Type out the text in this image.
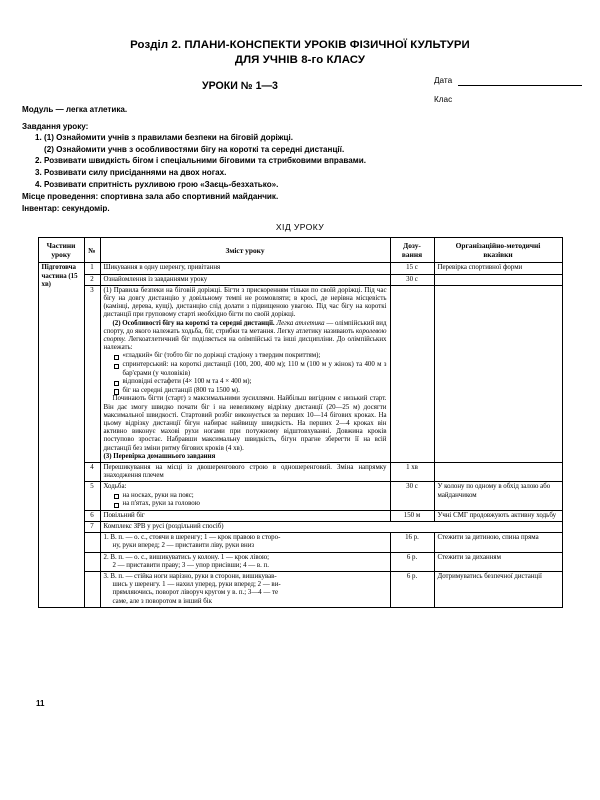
Розділ 2. ПЛАНИ-КОНСПЕКТИ УРОКІВ ФІЗИЧНОЇ КУЛЬТУРИ
ДЛЯ УЧНІВ 8-го КЛАСУ
УРОКИ № 1—3	Дата
Клас

Модуль — легка атлетика.

Завдання уроку:

1. (1) Ознайомити учнів з правилами безпеки на біговій доріжці.
(2) Ознайомити учнв з особливостями бігу на короткі та середні дистанції.
2. Розвивати швидкість бігом і спеціальними біговими та стрибковими вправами.
3. Розвивати силу присіданнями на двох ногах.
4. Розвивати спритність рухливою грою «Заєць-безхатько».

Місце проведення: спортивна зала або спортивний майданчик.

Інвентар: секундомір.

ХІД УРОКУ
Частини уроку	№	Зміст уроку	Дозу-
вання	Організаційно-методичні
вказівки
Підготовча частина (15 хв)	1	Шикування в одну шеренгу, привітання	15 с	Перевірка спортивної форми
	2	Ознайомлення із завданнями уроку	30 с	
3	(1) Правила безпеки на біговій доріжці. Бігти з прискоренням тільки по своїй доріжці. Під час бігу на довгу дистанцію у довільному темпі не розмовляти; в кросі, де нерівна місцевість (камінці, дерева, кущі), дистанцію слід долати з підвищеною увагою. Під час бігу на короткі дистанції при груповому старті необхідно бігти по своїй доріжці.

(2) Особливості бігу на короткі та середні дистанції. Легка атлетика — олімпійський вид спорту, до якого належать ходьба, біг, стрибки та метання. Легку атлетику називають королевою спорту. Легкоатлетичний біг поділяється на олімпійські та інші дисципліни. До олімпійських належать:

«гладкий» біг (тобто біг по доріжці стадіону з твердим покриттям);
спринтерський: на короткі дистанції (100, 200, 400 м); 110 м (100 м у жінок) та 400 м з бар'єрами (у чоловіків)
відповідні естафети (4× 100 м та 4 × 400 м);
біг на середні дистанції (800 та 1500 м).

Починають бігти (старт) з максимальними зусиллями. Найбільш вигідним є низький старт. Він дає змогу швидко почати біг і на невеликому відрізку дистанції (20—25 м) досягти максимальної швидкості. Стартовий розбіг виконується за перших 10—14 бігових кроках. На цьому відрізку дистанції бігун набирає найвищу швидкість. На перших 2—4 кроках він активно виконує махові рухи ногами при потужному відштовхуванні. Довжина кроків поступово зростає. Набравши максимальну швидкість, бігун прагне зберегти її на всій дистанції без зміни ритму бігових кроків (4 хв).

(3) Перевірка домашнього завдання

	4	Перешикування на місці із двошеренгового строю в одношеренговий. Зміна напрямку знаходження плечем	1 хв	
5	Ходьба:

на носках, руки на пояс;
на п'ятах, руки за головою
	30 с	У колону по одному в обхід залою або майданчиком
	6	Повільний біг	150 м	Учні СМГ продовжують активну ходьбу
	7	Комплекс ЗРВ у русі (роздільний спосіб)		

		1. В. п. — о. с., стоячи в шеренгу; 1 — крок правою в сторо-
ну, руки вперед; 2 — приставити ліву, руки вниз	16 р.	Стежити за дитиною, спина пряма

		2. В. п. — о. с., вишикуватись у колону. 1 — крок лівою;
2 — приставити праву; 3 — упор присівши; 4 — в. п.	6 р.	Стежити за диханням

		3. В. п. — стійка ноги нарізно, руки в сторони, вишикував-
шись у шеренгу. 1 — нахил уперед, руки вперед; 2 — ви-
прямляючись, поворот ліворуч кругом у в. п.; 3—4 — те
саме, але з поворотом в інший бік	6 р.	Дотримуватись безпечної дистанції
11
